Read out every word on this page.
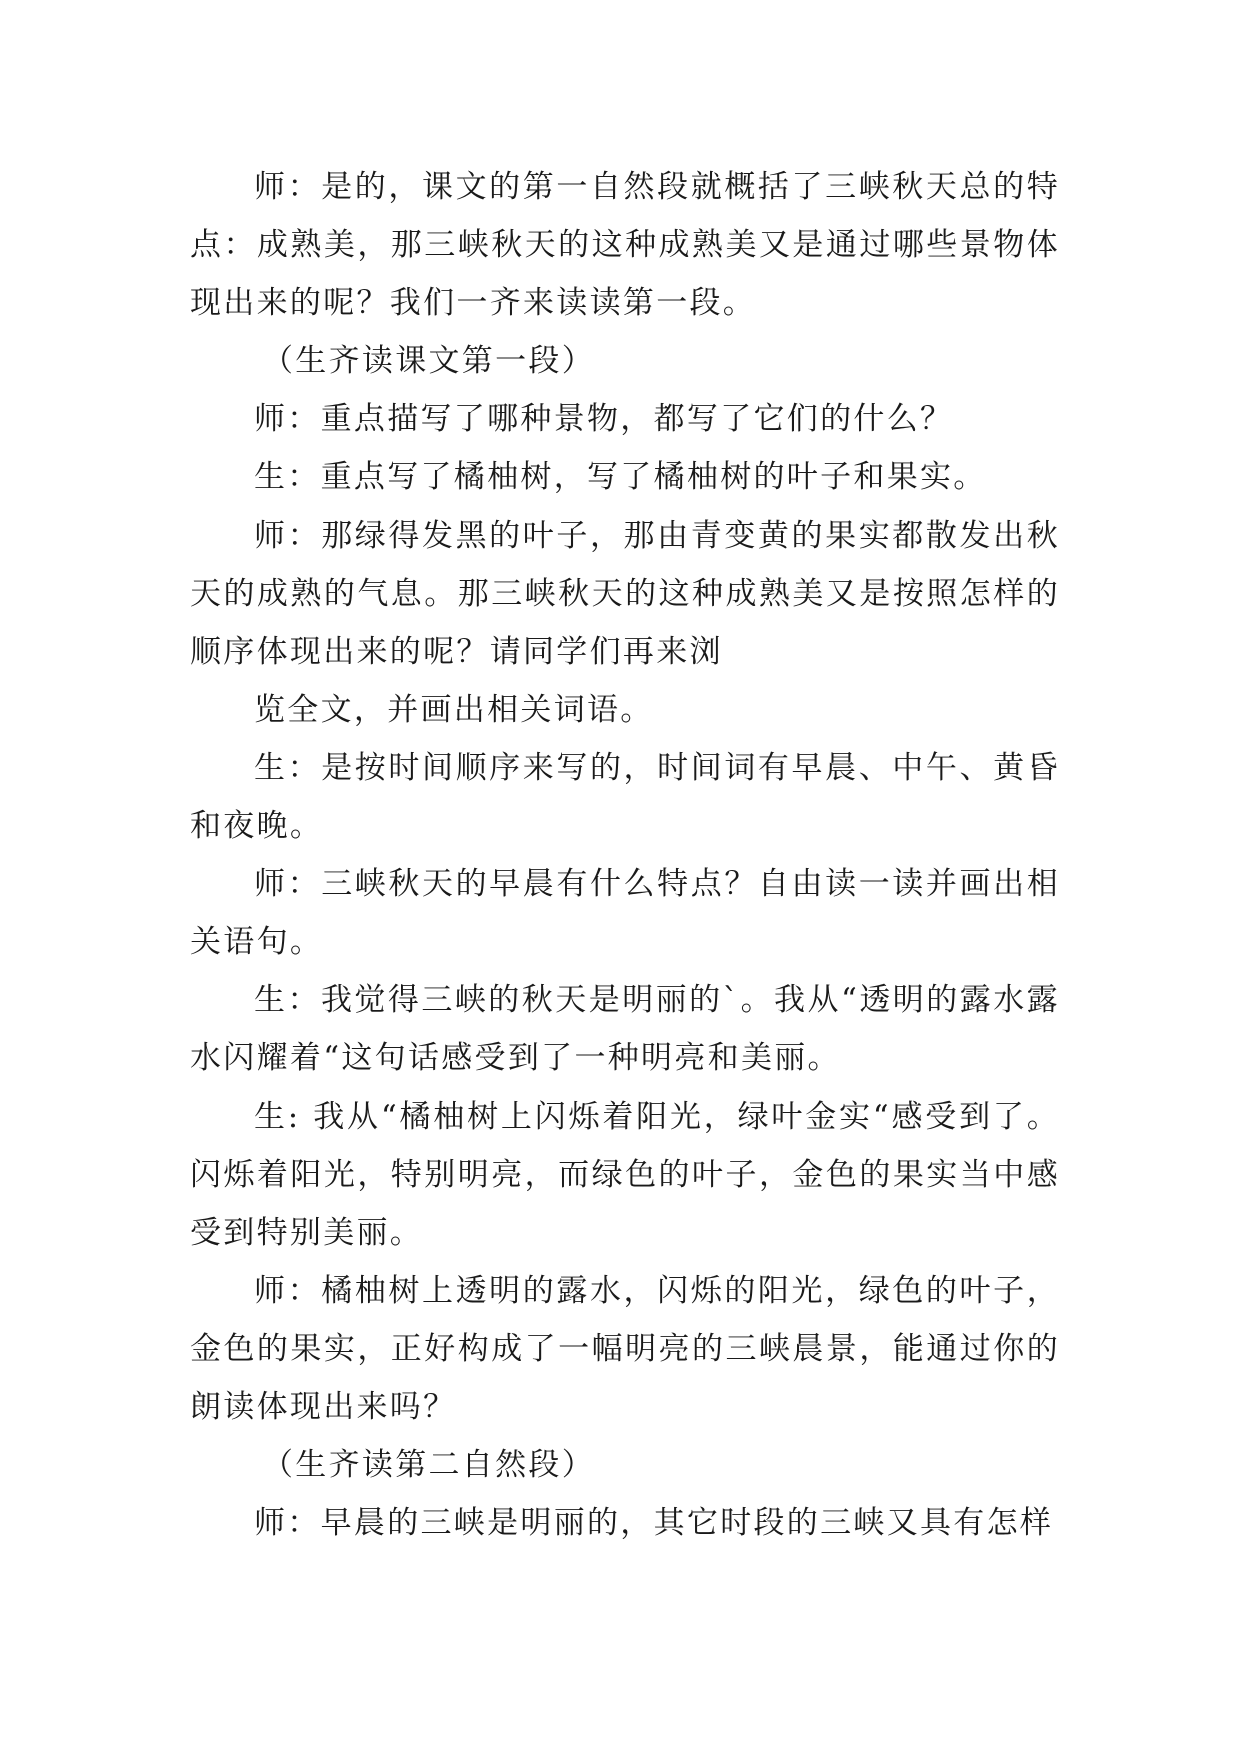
师：是的，课文的第一自然段就概括了三峡秋天总的特点：成熟美，那三峡秋天的这种成熟美又是通过哪些景物体现出来的呢？我们一齐来读读第一段。

（生齐读课文第一段）

师：重点描写了哪种景物，都写了它们的什么？

生：重点写了橘柚树，写了橘柚树的叶子和果实。

师：那绿得发黑的叶子，那由青变黄的果实都散发出秋天的成熟的气息。那三峡秋天的这种成熟美又是按照怎样的顺序体现出来的呢？请同学们再来浏

览全文，并画出相关词语。

生：是按时间顺序来写的，时间词有早晨、中午、黄昏和夜晚。

师：三峡秋天的早晨有什么特点？自由读一读并画出相关语句。

生：我觉得三峡的秋天是明丽的`。我从“透明的露水露水闪耀着“这句话感受到了一种明亮和美丽。

生: 我从“橘柚树上闪烁着阳光，绿叶金实“感受到了。闪烁着阳光，特别明亮，而绿色的叶子，金色的果实当中感受到特别美丽。

师：橘柚树上透明的露水，闪烁的阳光，绿色的叶子，金色的果实，正好构成了一幅明亮的三峡晨景，能通过你的朗读体现出来吗？

（生齐读第二自然段）

师：早晨的三峡是明丽的，其它时段的三峡又具有怎样
